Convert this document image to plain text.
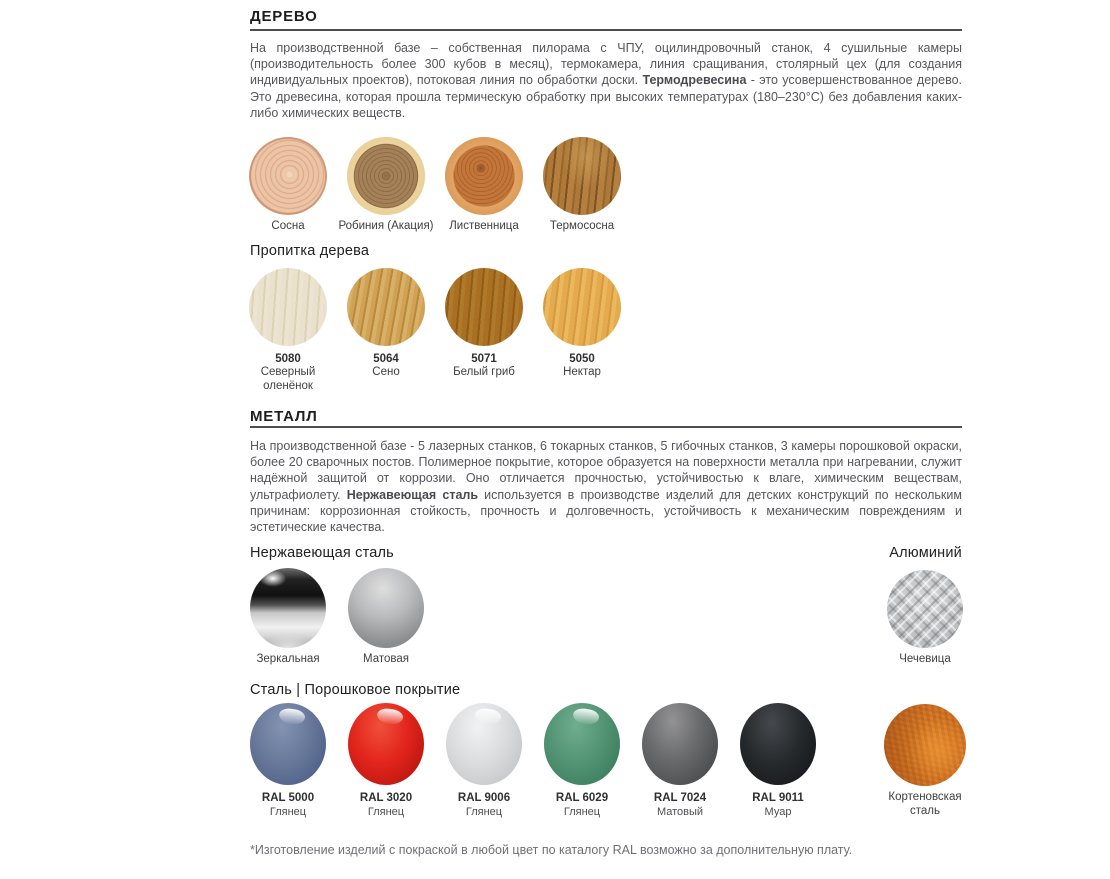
ДЕРЕВО
На производственной базе – собственная пилорама с ЧПУ, оцилиндровочный станок, 4 сушильные камеры (производительность более 300 кубов в месяц), термокамера, линия сращивания, столярный цех (для создания индивидуальных проектов), потоковая линия по обработки доски. Термодревесина - это усовершенствованное дерево. Это древесина, которая прошла термическую обработку при высоких температурах (180–230°С) без добавления каких-либо химических веществ.
Сосна	Робиния (Акация) Лиственница	Термососна
Пропитка дерева
5080
Северный оленёнок
5064
Сено
5071
Белый гриб
5050
Нектар
МЕТАЛЛ
На производственной базе - 5 лазерных станков, 6 токарных станков, 5 гибочных станков, 3 камеры порошковой окраски, более 20 сварочных постов. Полимерное покрытие, которое образуется на поверхности металла при нагревании, служит надёжной защитой от коррозии. Оно отличается прочностью, устойчивостью к влаге, химическим веществам, ультрафиолету. Нержавеющая сталь используется в производстве изделий для детских конструкций по нескольким причинам: коррозионная стойкость, прочность и долговечность, устойчивость к механическим повреждениям и эстетические качества.
Нержавеющая сталь	Алюминий
Зеркальная	Матовая	Чечевица
Сталь | Порошковое покрытие
RAL 5000
Глянец
RAL 3020
Глянец
RAL 9006
Глянец
RAL 6029
Глянец
RAL 7024
Матовый
RAL 9011
Муар
Кортеновская сталь
*Изготовление изделий с покраской в любой цвет по каталогу RAL возможно за дополнительную плату.
